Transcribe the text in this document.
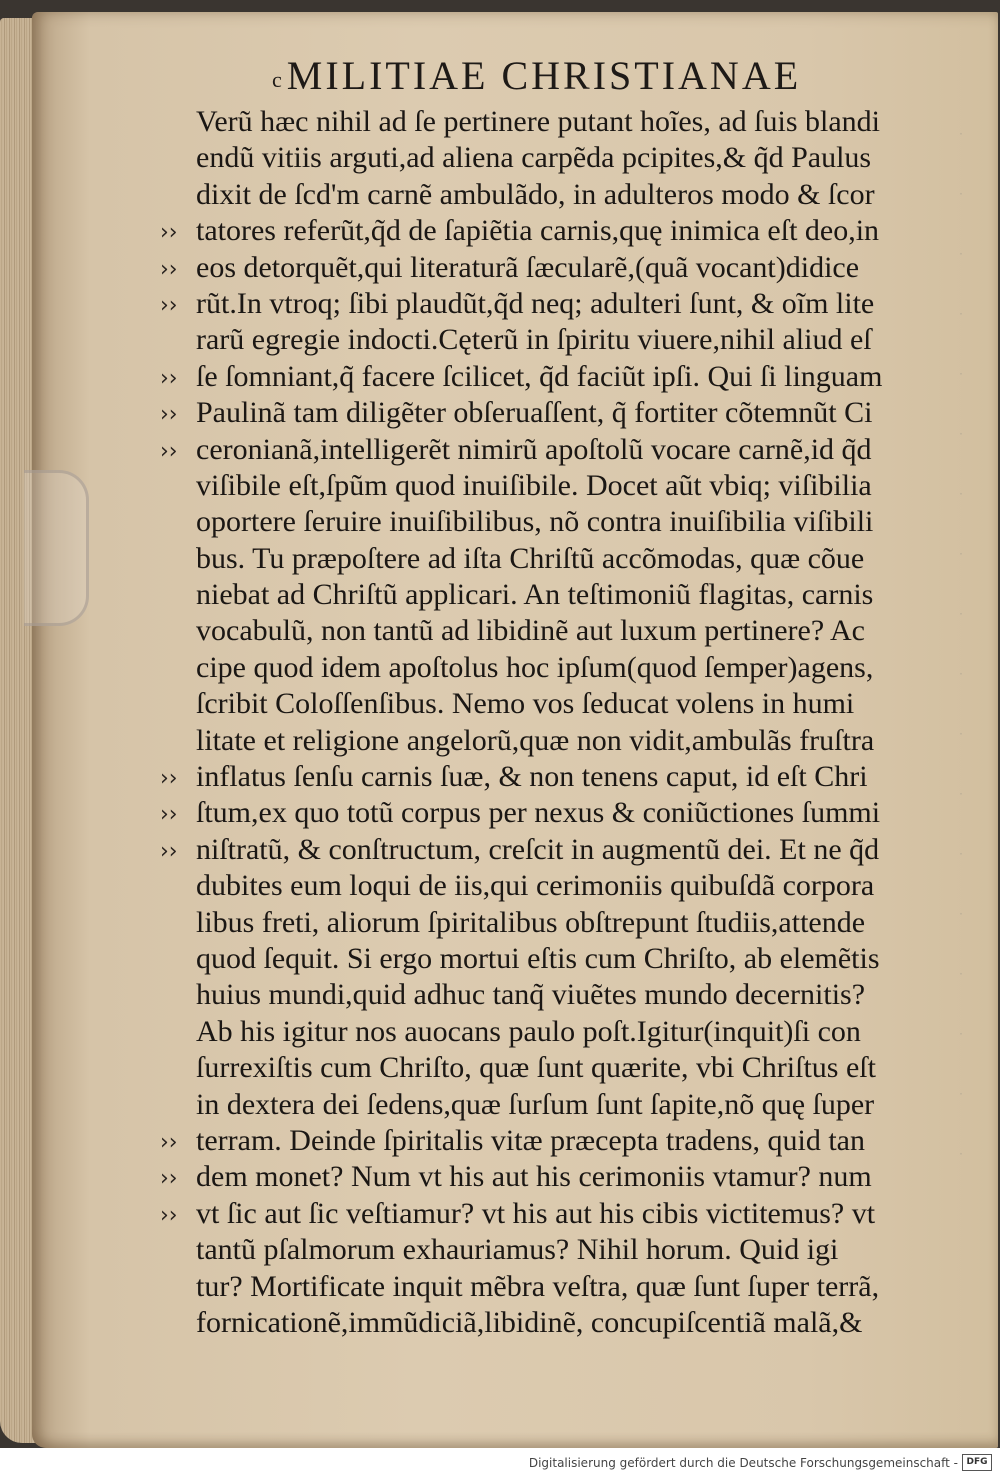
cMILITIAE CHRISTIANAE
Verũ hæc nihil ad ſe pertinere putant hoĩes, ad ſuis blandi
endũ vitiis arguti,ad aliena carpẽda pcipites,& q̃d Paulus
dixit de ſcd'm carnẽ ambulãdo, in adulteros modo & ſcor
›› tatores referũt,q̃d de ſapiẽtia carnis,quę inimica eſt deo,in
›› eos detorquẽt,qui literaturã ſæcularẽ,(quã vocant)didice
›› rũt.In vtroq; ſibi plaudũt,q̃d neq; adulteri ſunt, & oĩm lite
rarũ egregie indocti.Cęterũ in ſpiritu viuere,nihil aliud eſ
›› ſe ſomniant,q̃ facere ſcilicet, q̃d faciũt ipſi. Qui ſi linguam
›› Paulinã tam diligẽter obſeruaſſent, q̃ fortiter cõtemnũt Ci
›› ceronianã,intelligerẽt nimirũ apoſtolũ vocare carnẽ,id q̃d
viſibile eſt,ſpũm quod inuiſibile. Docet aũt vbiq; viſibilia
oportere ſeruire inuiſibilibus, nõ contra inuiſibilia viſibili
bus. Tu præpoſtere ad iſta Chriſtũ accõmodas, quæ cõue
niebat ad Chriſtũ applicari. An teſtimoniũ flagitas, carnis
vocabulũ, non tantũ ad libidinẽ aut luxum pertinere? Ac
cipe quod idem apoſtolus hoc ipſum(quod ſemper)agens,
ſcribit Coloſſenſibus. Nemo vos ſeducat volens in humi
litate et religione angelorũ,quæ non vidit,ambulãs fruſtra
›› inflatus ſenſu carnis ſuæ, & non tenens caput, id eſt Chri
›› ſtum,ex quo totũ corpus per nexus & coniũctiones ſummi
›› niſtratũ, & conſtructum, creſcit in augmentũ dei. Et ne q̃d
dubites eum loqui de iis,qui cerimoniis quibuſdã corpora
libus freti, aliorum ſpiritalibus obſtrepunt ſtudiis,attende
quod ſequit. Si ergo mortui eſtis cum Chriſto, ab elemẽtis
huius mundi,quid adhuc tanq̃ viuẽtes mundo decernitis?
Ab his igitur nos auocans paulo poſt.Igitur(inquit)ſi con
ſurrexiſtis cum Chriſto, quæ ſunt quærite, vbi Chriſtus eſt
in dextera dei ſedens,quæ ſurſum ſunt ſapite,nõ quę ſuper
›› terram. Deinde ſpiritalis vitæ præcepta tradens, quid tan
›› dem monet? Num vt his aut his cerimoniis vtamur? num
›› vt ſic aut ſic veſtiamur? vt his aut his cibis victitemus? vt
tantũ pſalmorum exhauriamus? Nihil horum. Quid igi
tur? Mortificate inquit mẽbra veſtra, quæ ſunt ſuper terrã,
fornicationẽ,immũdiciã,libidinẽ, concupiſcentiã malã,&
·
·
·
·
·
·
·
·
·
·
·
·
·
·
·
·
·
·
Digitalisierung gefördert durch die Deutsche Forschungsgemeinschaft - DFG
